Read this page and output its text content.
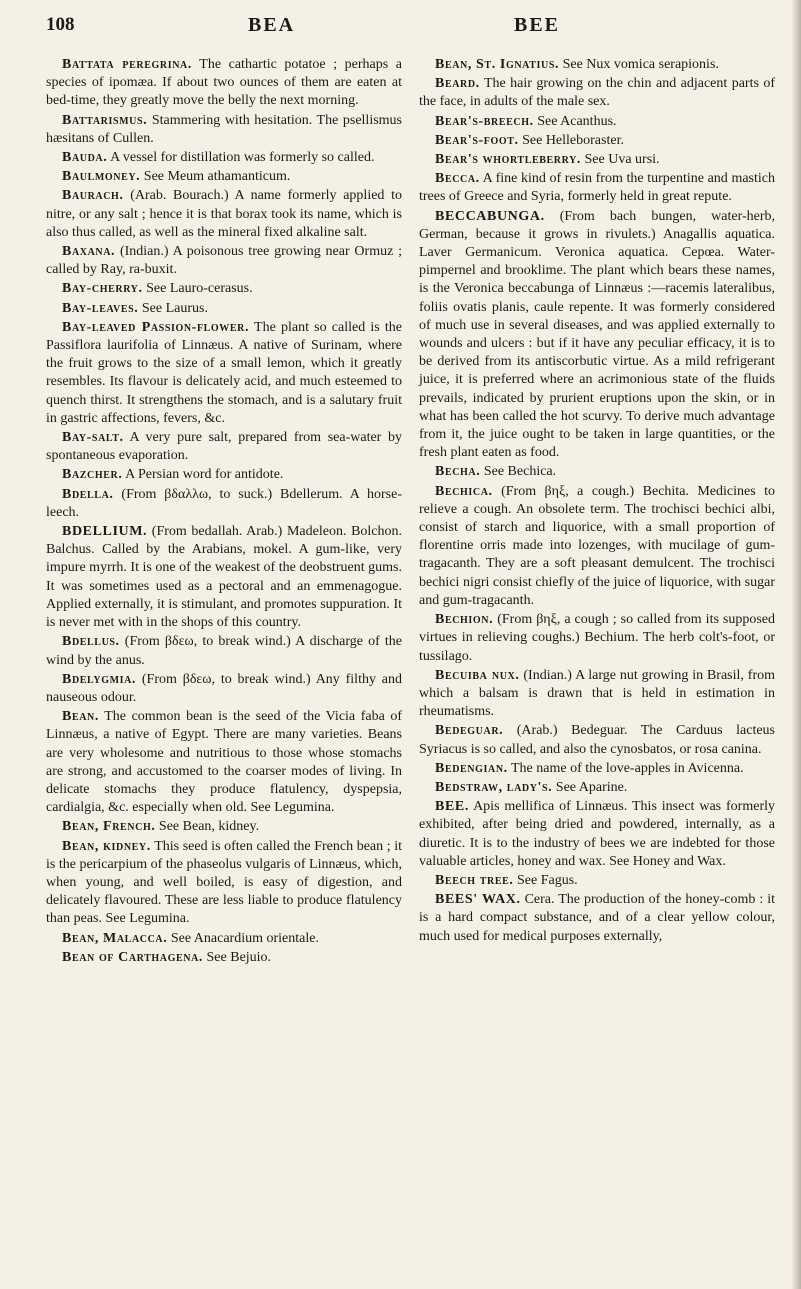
108	BEA	BEE

Battata peregrina. The cathartic potatoe ; perhaps a species of ipomæa. If about two ounces of them are eaten at bed-time, they greatly move the belly the next morning.

Battarismus. Stammering with hesitation. The psellismus hæsitans of Cullen.

Bauda. A vessel for distillation was formerly so called.

Baulmoney. See Meum athamanticum.

Baurach. (Arab. Bourach.) A name formerly applied to nitre, or any salt ; hence it is that borax took its name, which is also thus called, as well as the mineral fixed alkaline salt.

Baxana. (Indian.) A poisonous tree growing near Ormuz ; called by Ray, ra-buxit.

Bay-cherry. See Lauro-cerasus.

Bay-leaves. See Laurus.

Bay-leaved Passion-flower. The plant so called is the Passiflora laurifolia of Linnæus. A native of Surinam, where the fruit grows to the size of a small lemon, which it greatly resembles. Its flavour is delicately acid, and much esteemed to quench thirst. It strengthens the stomach, and is a salutary fruit in gastric affections, fevers, &c.

Bay-salt. A very pure salt, prepared from sea-water by spontaneous evaporation.

Bazcher. A Persian word for antidote.

Bdella. (From βδαλλω, to suck.) Bdellerum. A horse-leech.

BDELLIUM. (From bedallah. Arab.) Madeleon. Bolchon. Balchus. Called by the Arabians, mokel. A gum-like, very impure myrrh. It is one of the weakest of the deobstruent gums. It was sometimes used as a pectoral and an emmenagogue. Applied externally, it is stimulant, and promotes suppuration. It is never met with in the shops of this country.

Bdellus. (From βδεω, to break wind.) A discharge of the wind by the anus.

Bdelygmia. (From βδεω, to break wind.) Any filthy and nauseous odour.

Bean. The common bean is the seed of the Vicia faba of Linnæus, a native of Egypt. There are many varieties. Beans are very wholesome and nutritious to those whose stomachs are strong, and accustomed to the coarser modes of living. In delicate stomachs they produce flatulency, dyspepsia, cardialgia, &c. especially when old. See Leguminа.

Bean, French. See Bean, kidney.

Bean, kidney. This seed is often called the French bean ; it is the pericarpium of the phaseolus vulgaris of Linnæus, which, when young, and well boiled, is easy of digestion, and delicately flavoured. These are less liable to produce flatulency than peas. See Leguminа.

Bean, Malacca. See Anacardium orientale.

Bean of Carthagena. See Bejuio.

Bean, St. Ignatius. See Nux vomica serapionis.

Beard. The hair growing on the chin and adjacent parts of the face, in adults of the male sex.

Bear's-breech. See Acanthus.

Bear's-foot. See Helleborаster.

Bear's whortleberry. See Uva ursi.

Becca. A fine kind of resin from the turpentine and mastich trees of Greece and Syria, formerly held in great repute.

BECCABUNGA. (From bach bungen, water-herb, German, because it grows in rivulets.) Anagallis aquatica. Laver Germanicum. Veronica aquatica. Cepœa. Water-pimpernel and brooklime. The plant which bears these names, is the Veronica beccabunga of Linnæus :—racemis lateralibus, foliis ovatis planis, caule repente. It was formerly considered of much use in several diseases, and was applied externally to wounds and ulcers : but if it have any peculiar efficacy, it is to be derived from its antiscorbutic virtue. As a mild refrigerant juice, it is preferred where an acrimonious state of the fluids prevails, indicated by prurient eruptions upon the skin, or in what has been called the hot scurvy. To derive much advantage from it, the juice ought to be taken in large quantities, or the fresh plant eaten as food.

Becha. See Bechica.

Bechica. (From βηξ, a cough.) Bechita. Medicines to relieve a cough. An obsolete term. The trochisci bechici albi, consist of starch and liquorice, with a small proportion of florentine orris made into lozenges, with mucilage of gum-tragacanth. They are a soft pleasant demulcent. The trochisci bechici nigri consist chiefly of the juice of liquorice, with sugar and gum-tragacanth.

Bechion. (From βηξ, a cough ; so called from its supposed virtues in relieving coughs.) Bechium. The herb colt's-foot, or tussilago.

Becuiba nux. (Indian.) A large nut growing in Brasil, from which a balsam is drawn that is held in estimation in rheumatisms.

Bedeguar. (Arab.) Bedeguar. The Carduus lacteus Syriacus is so called, and also the cynosbatos, or rosa canina.

Bedengian. The name of the love-apples in Avicenna.

Bedstraw, lady's. See Aparine.

BEE. Apis mellifica of Linnæus. This insect was formerly exhibited, after being dried and powdered, internally, as a diuretic. It is to the industry of bees we are indebted for those valuable articles, honey and wax. See Honey and Wax.

Beech tree. See Fagus.

BEES' WAX. Cera. The production of the honey-comb : it is a hard compact substance, and of a clear yellow colour, much used for medical purposes externally,
